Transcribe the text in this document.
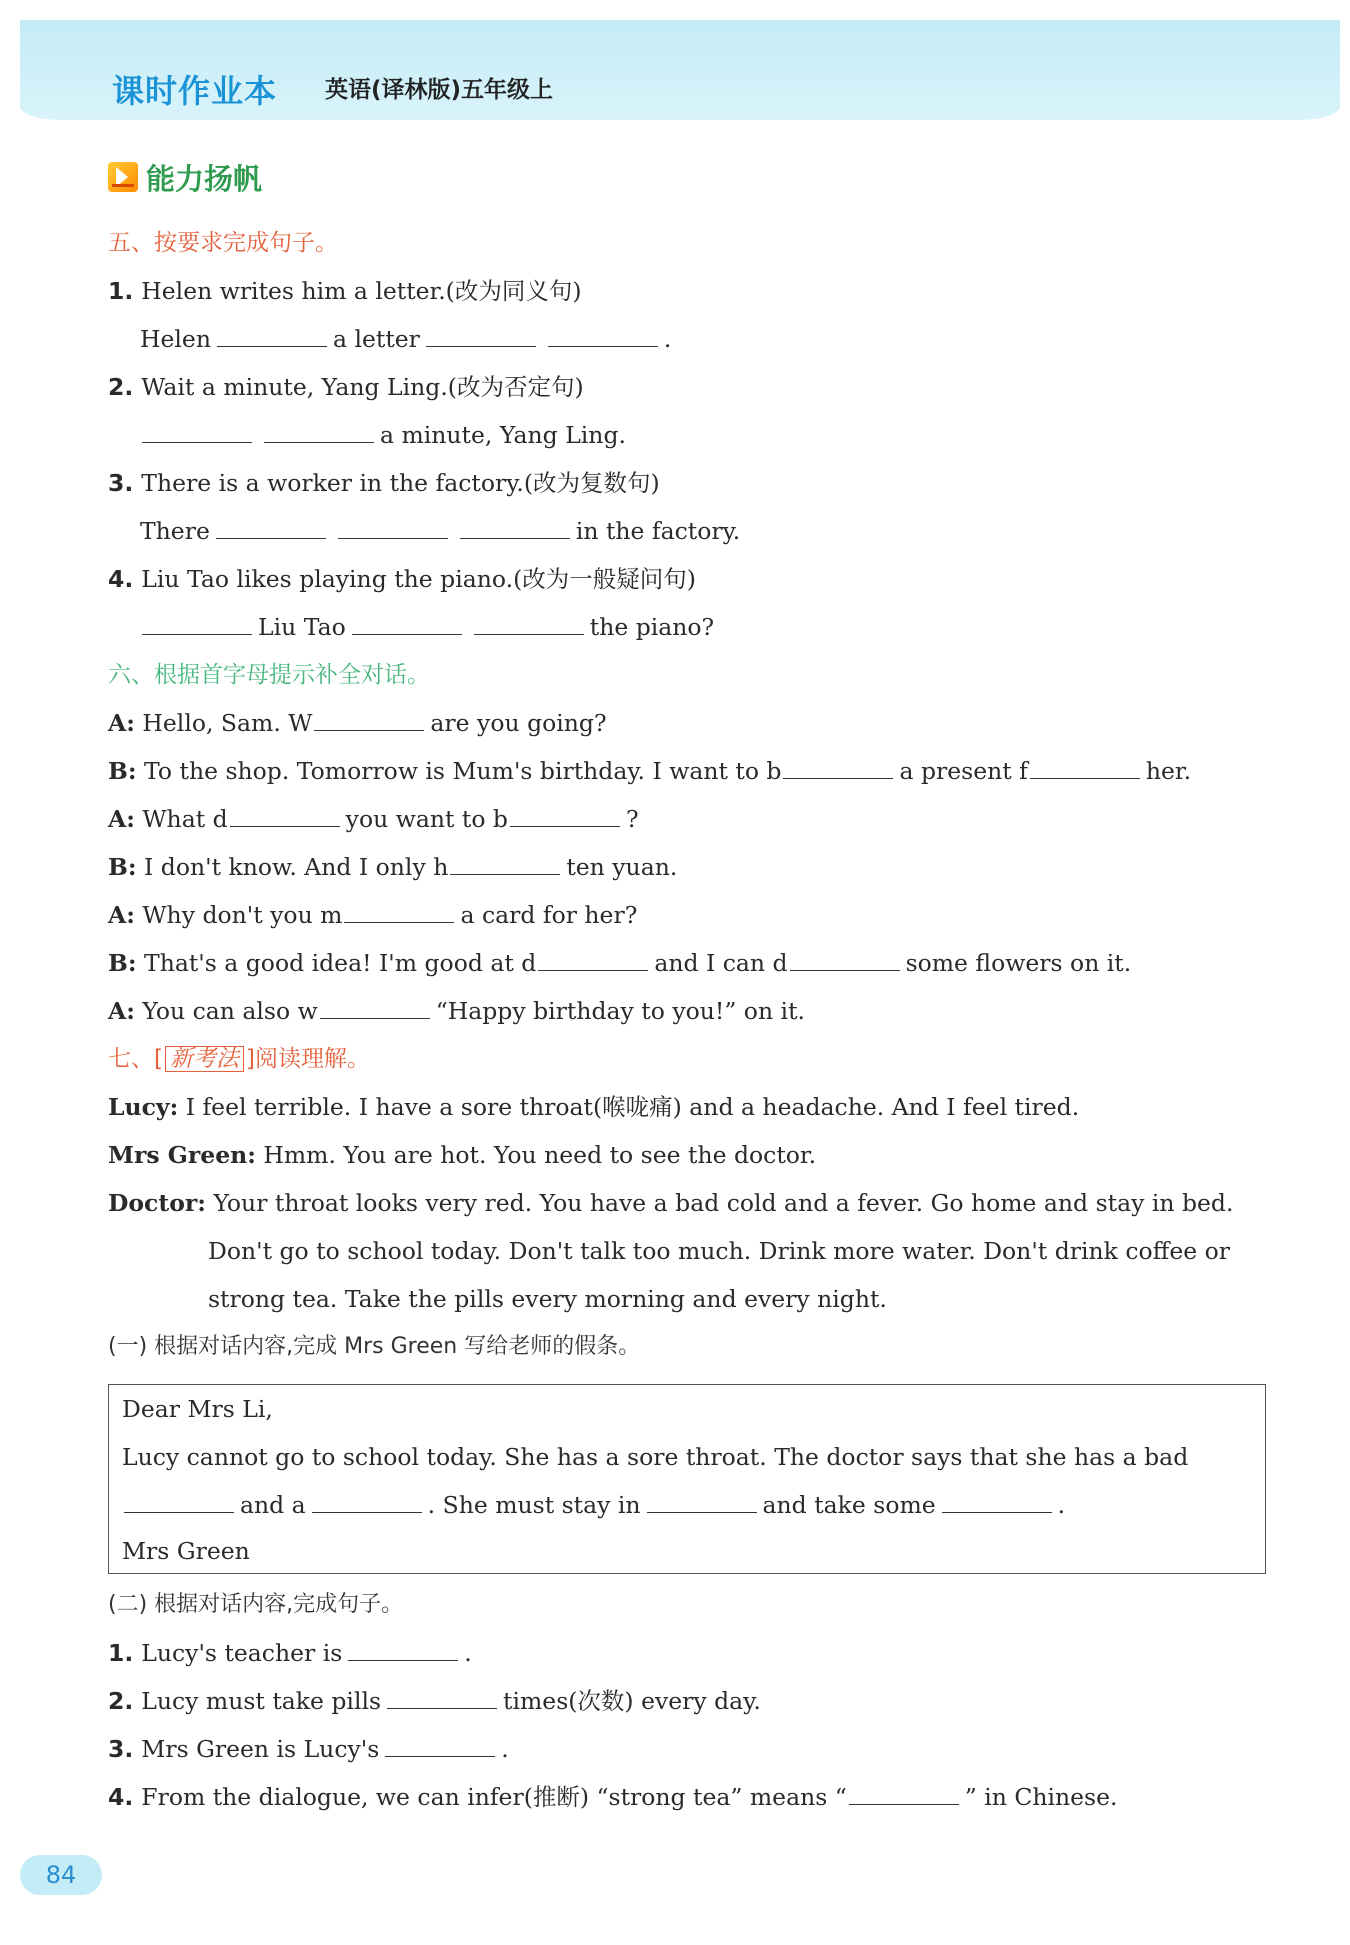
课时作业本 英语(译林版)五年级上
能力扬帆
五、按要求完成句子。
1. Helen writes him a letter.(改为同义句)
Helen	a letter	.
2. Wait a minute, Yang Ling.(改为否定句)
a minute, Yang Ling.
3. There is a worker in the factory.(改为复数句)
There	in the factory.
4. Liu Tao likes playing the piano.(改为一般疑问句)
Liu Tao	the piano?
六、根据首字母提示补全对话。
A: Hello, Sam. W	are you going?
B: To the shop. Tomorrow is Mum's birthday. I want to b	a present f	her.
A: What d	you want to b	?
B: I don't know. And I only h	ten yuan.
A: Why don't you m	a card for her?
B: That's a good idea! I'm good at d	and I can d	some flowers on it.
A: You can also w	“Happy birthday to you!” on it.
七、[ 新考法 ]阅读理解。
Lucy: I feel terrible. I have a sore throat(喉咙痛) and a headache. And I feel tired.
Mrs Green: Hmm. You are hot. You need to see the doctor.
Doctor: Your throat looks very red. You have a bad cold and a fever. Go home and stay in bed.
Don't go to school today. Don't talk too much. Drink more water. Don't drink coffee or
strong tea. Take the pills every morning and every night.
(一) 根据对话内容,完成 Mrs Green 写给老师的假条。
Dear Mrs Li,
Lucy cannot go to school today. She has a sore throat. The doctor says that she has a bad
and a	. She must stay in	and take some	.
Mrs Green
(二) 根据对话内容,完成句子。
1. Lucy's teacher is	.
2. Lucy must take pills	times(次数) every day.
3. Mrs Green is Lucy's	.
4. From the dialogue, we can infer(推断) “strong tea” means “	” in Chinese.
84
